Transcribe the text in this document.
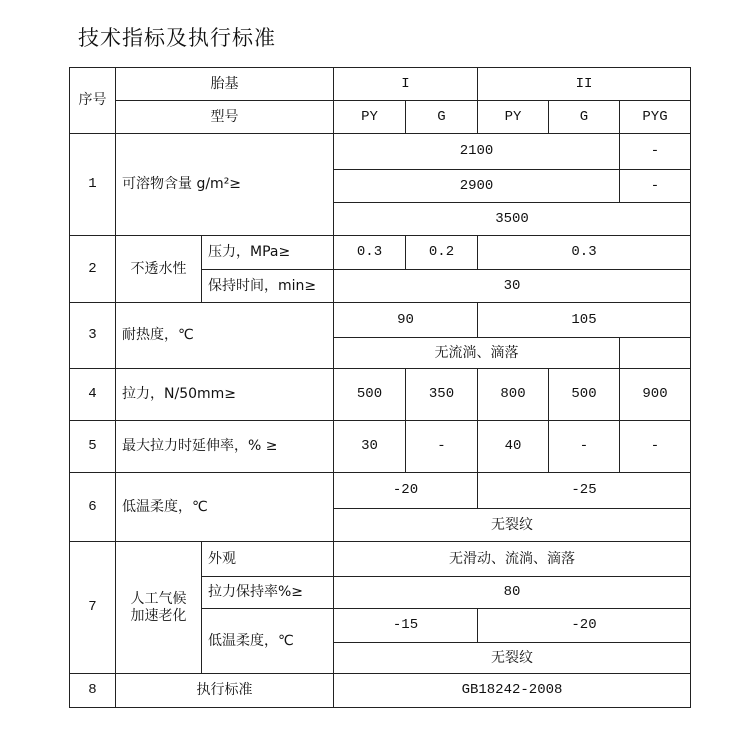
技术指标及执行标准
序号	胎基		I		II		
	型号		PY	G	PY	G	PYG
1	可溶物含量 g/m²≥		2100				-
			2900				-
			3500				
2	不透水性	压力，MPa≥	0.3	0.2	0.3		
		保持时间，min≥	30				
3	耐热度，℃		90		105		
			无流淌、滴落				
4	拉力，N/50mm≥		500	350	800	500	900
5	最大拉力时延伸率，% ≥		30	-	40	-	-
6	低温柔度，℃		-20		-25		
			无裂纹				
7	人工气候加速老化	外观	无滑动、流淌、滴落				
		拉力保持率%≥	80				
		低温柔度，℃	-15		-20		
			无裂纹				
8	执行标准		GB18242-2008				
